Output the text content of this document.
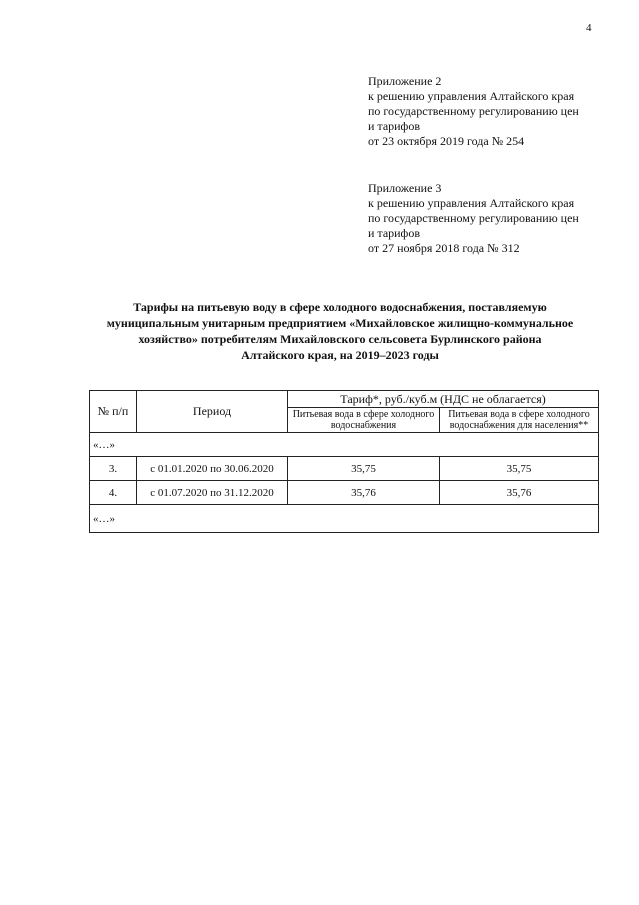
4
Приложение 2
к решению управления Алтайского края
по государственному регулированию цен
и тарифов
от 23 октября 2019 года № 254
Приложение 3
к решению управления Алтайского края
по государственному регулированию цен
и тарифов
от 27 ноября 2018 года № 312
Тарифы на питьевую воду в сфере холодного водоснабжения, поставляемую
муниципальным унитарным предприятием «Михайловское жилищно-коммунальное
хозяйство» потребителям Михайловского сельсовета Бурлинского района
Алтайского края, на 2019–2023 годы
№ п/п	Период	Тариф*, руб./куб.м (НДС не облагается)	
		Питьевая вода в сфере холодного водоснабжения	Питьевая вода в сфере холодного водоснабжения для населения**
«…»			
3.	с 01.01.2020 по 30.06.2020	35,75	35,75
4.	с 01.07.2020 по 31.12.2020	35,76	35,76
«…»			
